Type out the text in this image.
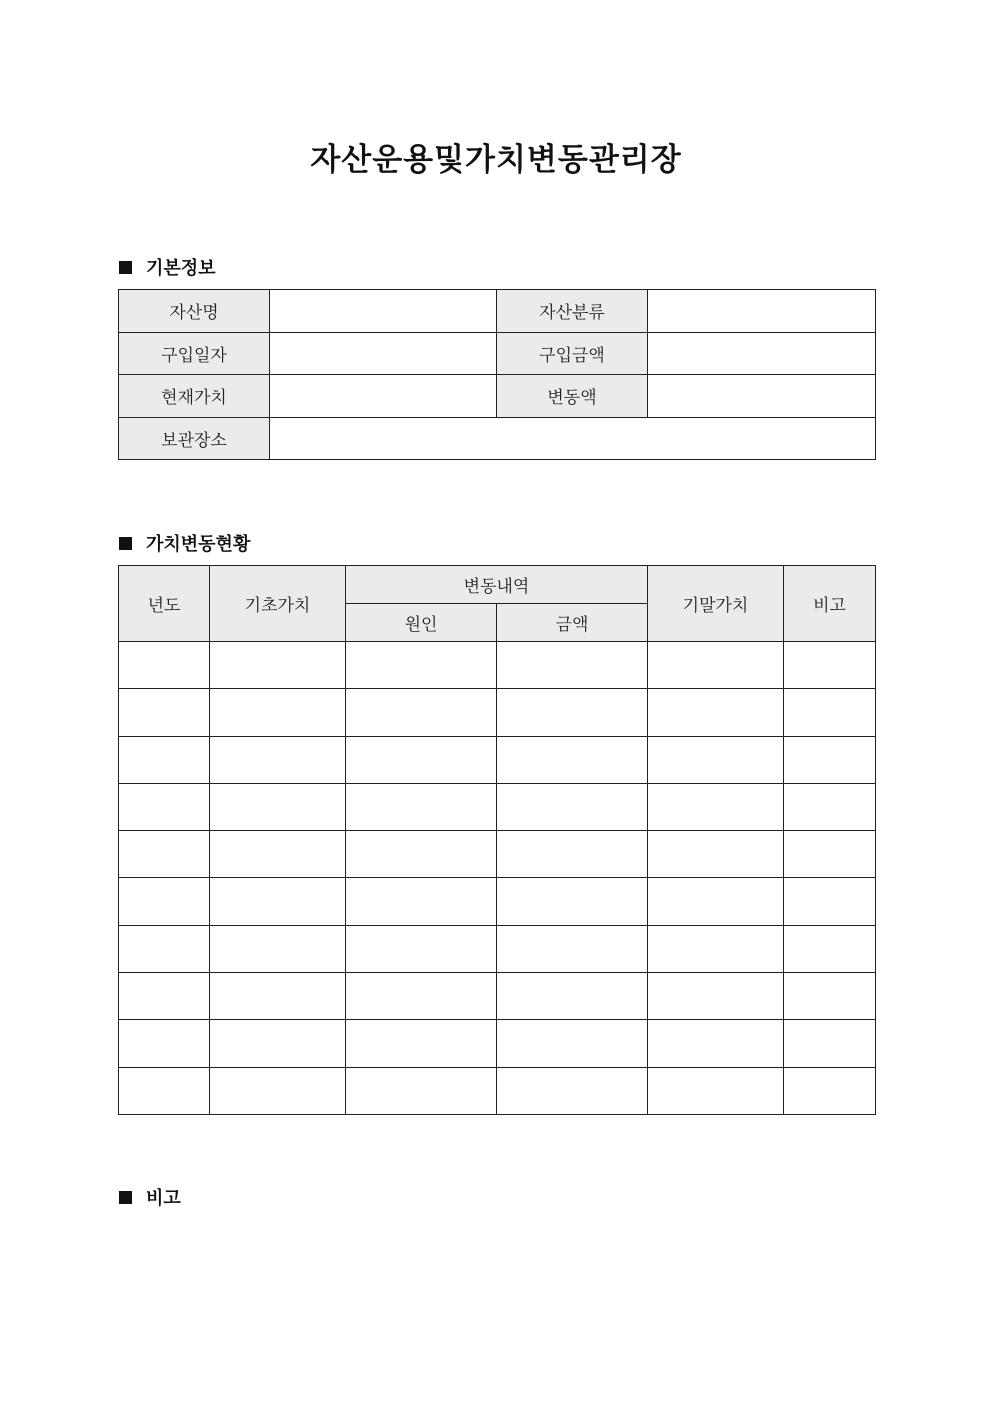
자산운용및가치변동관리장
기본정보
자산명		자산분류	
구입일자		구입금액	
현재가치		변동액	
보관장소			
가치변동현황
년도	기초가치	변동내역		기말가치	비고
		원인	금액		

비고
